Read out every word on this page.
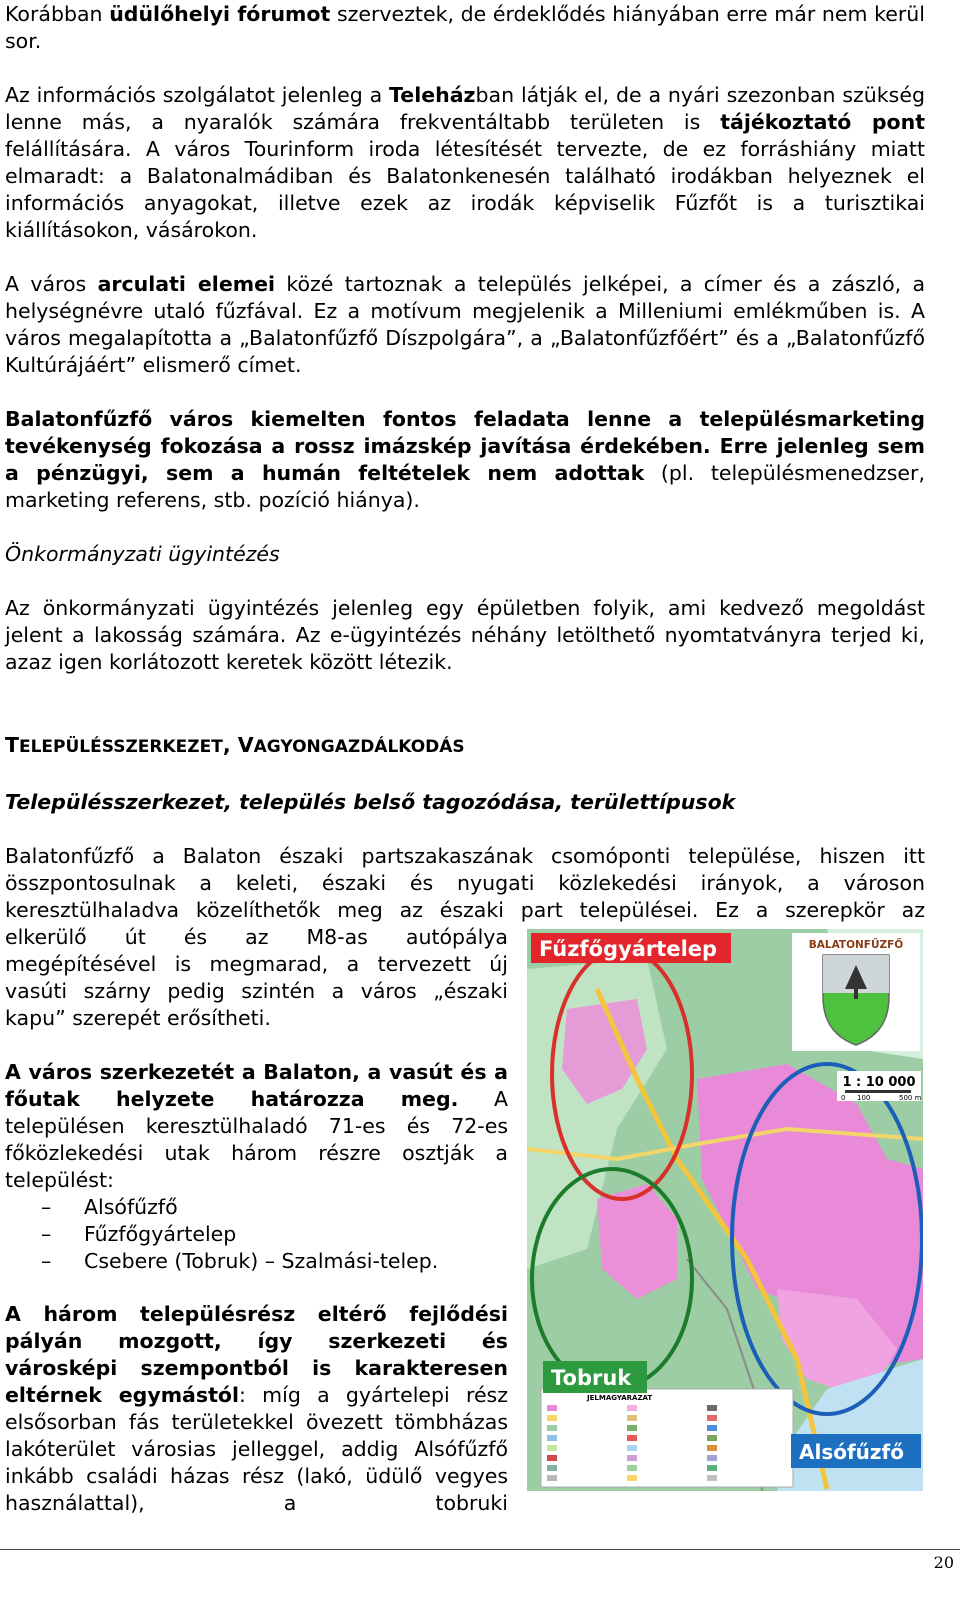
Korábban üdülőhelyi fórumot szerveztek, de érdeklődés hiányában erre már nem kerül sor.

Az információs szolgálatot jelenleg a Teleházban látják el, de a nyári szezonban szükség lenne más, a nyaralók számára frekventáltabb területen is tájékoztató pont felállítására. A város Tourinform iroda létesítését tervezte, de ez forráshiány miatt elmaradt: a Balatonalmádiban és Balatonkenesén található irodákban helyeznek el információs anyagokat, illetve ezek az irodák képviselik Fűzfőt is a turisztikai kiállításokon, vásárokon.

A város arculati elemei közé tartoznak a település jelképei, a címer és a zászló, a helységnévre utaló fűzfával. Ez a motívum megjelenik a Milleniumi emlékműben is. A város megalapította a „Balatonfűzfő Díszpolgára”, a „Balatonfűzfőért” és a „Balatonfűzfő Kultúrájáért” elismerő címet.

Balatonfűzfő város kiemelten fontos feladata lenne a településmarketing tevékenység fokozása a rossz imázskép javítása érdekében. Erre jelenleg sem a pénzügyi, sem a humán feltételek nem adottak (pl. településmenedzser, marketing referens, stb. pozíció hiánya).

Önkormányzati ügyintézés

Az önkormányzati ügyintézés jelenleg egy épületben folyik, ami kedvező megoldást jelent a lakosság számára. Az e-ügyintézés néhány letölthető nyomtatványra terjed ki, azaz igen korlátozott keretek között létezik.

TELEPÜLÉSSZERKEZET, VAGYONGAZDÁLKODÁS

Településszerkezet, település belső tagozódása, területtípusok

Balatonfűzfő a Balaton északi partszakaszának csomóponti települése, hiszen itt összpontosulnak a keleti, északi és nyugati közlekedési irányok, a városon keresztülhaladva közelíthetők meg az északi part települései. Ez a szerepkör az

elkerülő út és az M8-as autópálya megépítésével is megmarad, a tervezett új vasúti szárny pedig szintén a város „északi kapu” szerepét erősítheti.

A város szerkezetét a Balaton, a vasút és a főutak helyzete határozza meg. A településen keresztülhaladó 71-es és 72-es főközlekedési utak három részre osztják a települést:
– Alsófűzfő
– Fűzfőgyártelep
– Csebere (Tobruk) – Szalmási-telep.

A három településrész eltérő fejlődési pályán mozgott, így szerkezeti és városképi szempontból is karakteresen eltérnek egymástól: míg a gyártelepi rész elsősorban fás területekkel övezett tömbházas lakóterület városias jelleggel, addig Alsófűzfő inkább családi házas rész (lakó, üdülő vegyes használattal), a tobruki

Fűzfőgyártelep	BALATONFŰZFŐ
1 : 10 000
0 100	500 m
JELMAGYARÁZAT
Tobruk
Alsófűzfő
20
